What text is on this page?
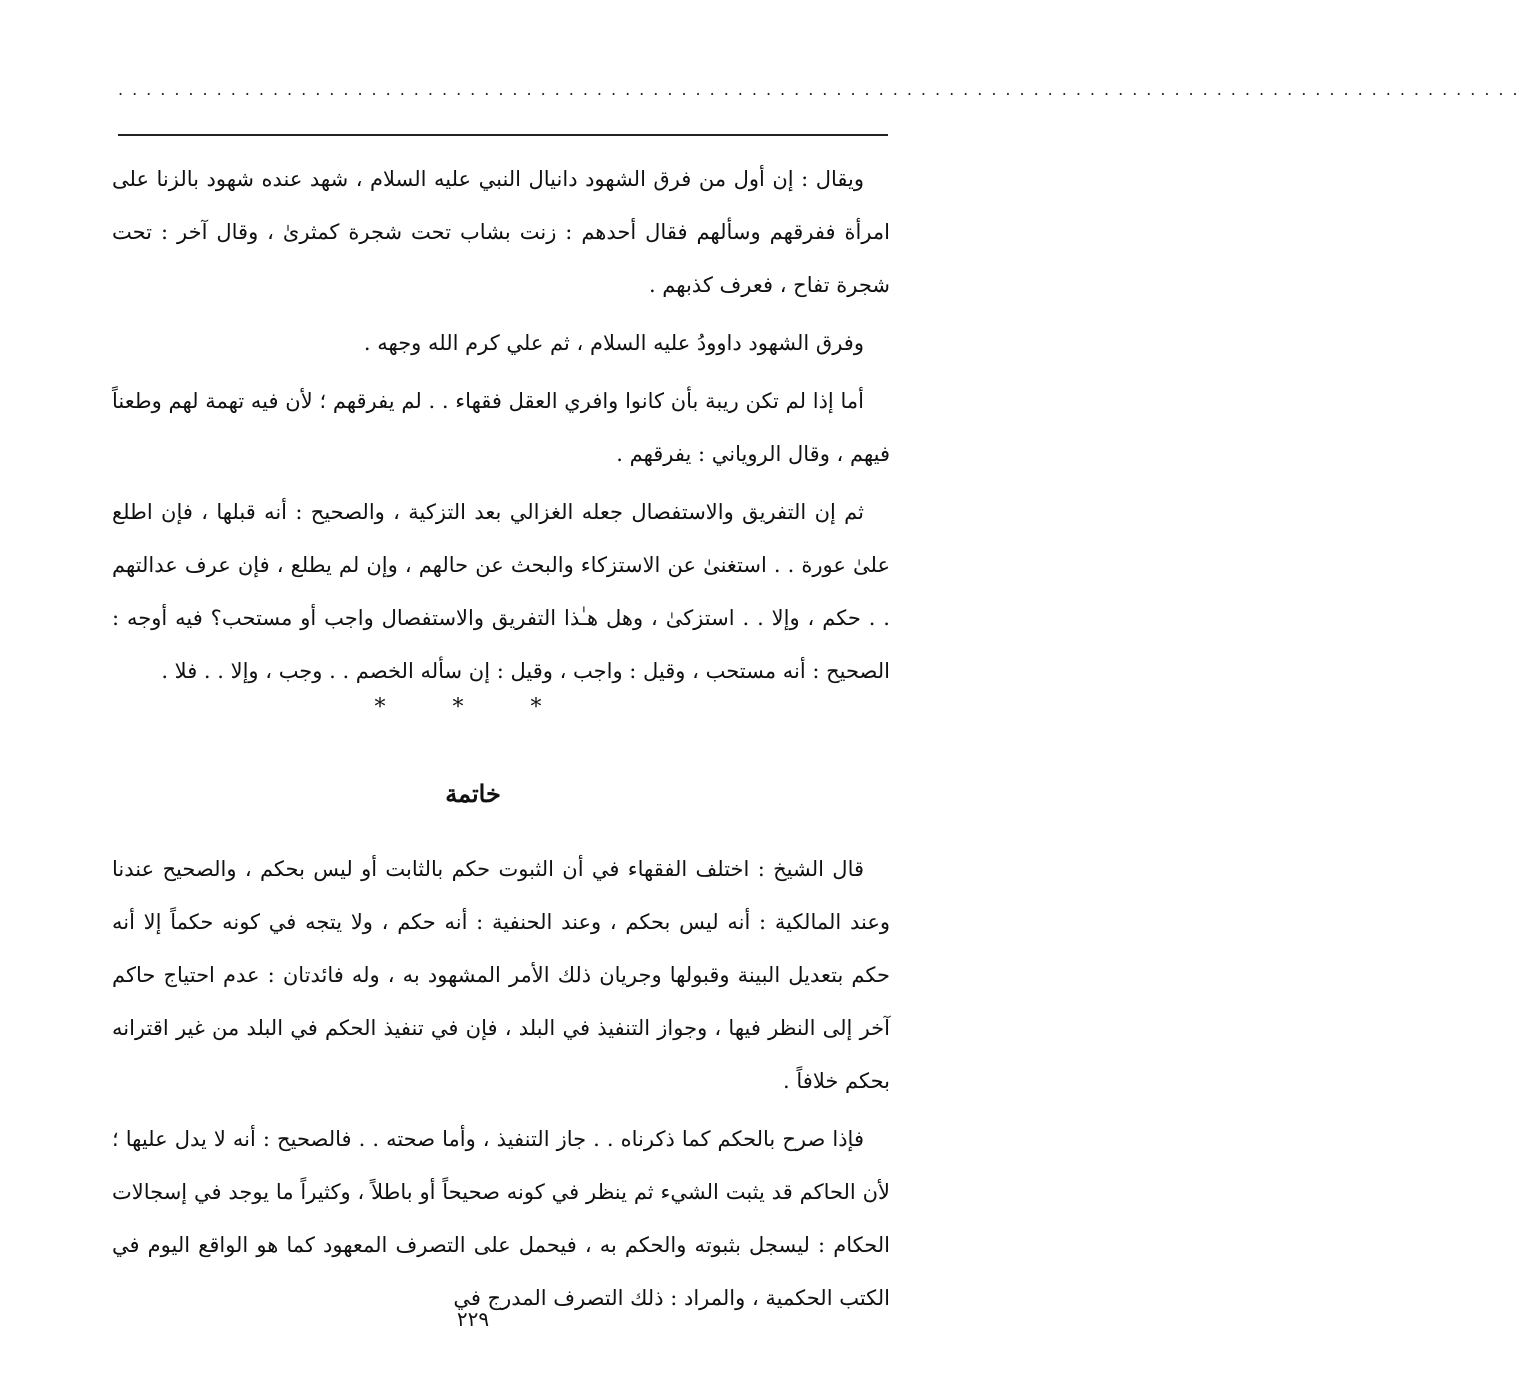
....................................................................................................

ويقال : إن أول من فرق الشهود دانيال النبي عليه السلام ، شهد عنده شهود بالزنا على امرأة ففرقهم وسألهم فقال أحدهم : زنت بشاب تحت شجرة كمثرىٰ ، وقال آخر : تحت شجرة تفاح ، فعرف كذبهم .

وفرق الشهود داوودُ عليه السلام ، ثم علي كرم الله وجهه .

أما إذا لم تكن ريبة بأن كانوا وافري العقل فقهاء . . لم يفرقهم ؛ لأن فيه تهمة لهم وطعناً فيهم ، وقال الروياني : يفرقهم .

ثم إن التفريق والاستفصال جعله الغزالي بعد التزكية ، والصحيح : أنه قبلها ، فإن اطلع علىٰ عورة . . استغنىٰ عن الاستزكاء والبحث عن حالهم ، وإن لم يطلع ، فإن عرف عدالتهم . . حكم ، وإلا . . استزكىٰ ، وهل هـٰذا التفريق والاستفصال واجب أو مستحب؟ فيه أوجه : الصحيح : أنه مستحب ، وقيل : واجب ، وقيل : إن سأله الخصم . . وجب ، وإلا . . فلا .

* * *
خاتمة

قال الشيخ : اختلف الفقهاء في أن الثبوت حكم بالثابت أو ليس بحكم ، والصحيح عندنا وعند المالكية : أنه ليس بحكم ، وعند الحنفية : أنه حكم ، ولا يتجه في كونه حكماً إلا أنه حكم بتعديل البينة وقبولها وجريان ذلك الأمر المشهود به ، وله فائدتان : عدم احتياج حاكم آخر إلى النظر فيها ، وجواز التنفيذ في البلد ، فإن في تنفيذ الحكم في البلد من غير اقترانه بحكم خلافاً .

فإذا صرح بالحكم كما ذكرناه . . جاز التنفيذ ، وأما صحته . . فالصحيح : أنه لا يدل عليها ؛ لأن الحاكم قد يثبت الشيء ثم ينظر في كونه صحيحاً أو باطلاً ، وكثيراً ما يوجد في إسجالات الحكام : ليسجل بثبوته والحكم به ، فيحمل على التصرف المعهود كما هو الواقع اليوم في الكتب الحكمية ، والمراد : ذلك التصرف المدرج في

٢٢٩
